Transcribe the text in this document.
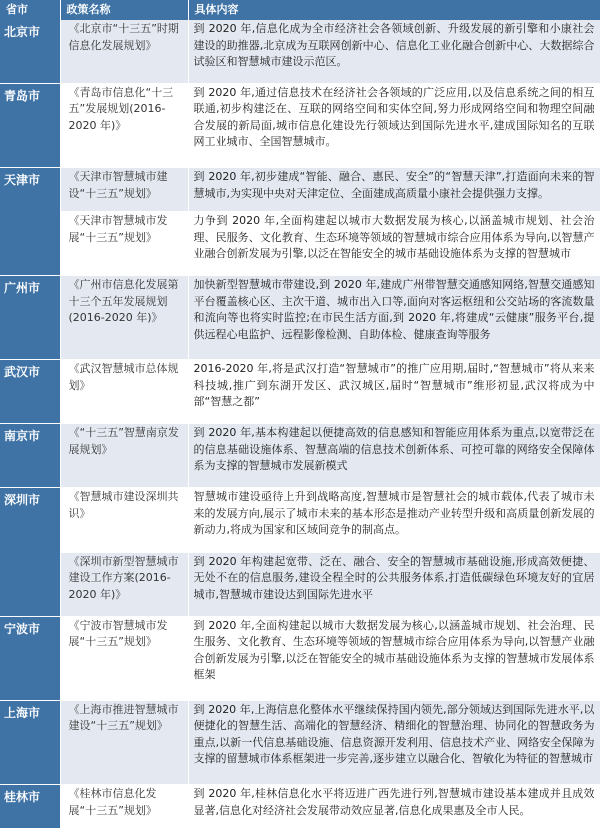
省市	政策名称	具体内容
北京市	《北京市“十三五”时期信息化发展规划》	到 2020 年,信息化成为全市经济社会各领域创新、升级发展的新引擎和小康社会建设的助推器,北京成为互联网创新中心、信息化工业化融合创新中心、大数据综合试验区和智慧城市建设示范区。
青岛市	《青岛市信息化“十三五”发展规划(2016-2020 年)》	到 2020 年,通过信息技术在经济社会各领域的广泛应用,以及信息系统之间的相互联通,初步构建泛在、互联的网络空间和实体空间,努力形成网络空间和物理空间融合发展的新局面,城市信息化建设先行领域达到国际先进水平,建成国际知名的互联网工业城市、全国智慧城市。
天津市	《天津市智慧城市建设“十三五”规划》	到 2020 年,初步建成“智能、融合、惠民、安全”的“智慧天津”,打造面向未来的智慧城市,为实现中央对天津定位、全面建成高质量小康社会提供强力支撑。
	《天津市智慧城市发展“十三五”规划》	力争到 2020 年,全面构建起以城市大数据发展为核心,以涵盖城市规划、社会治理、民服务、文化教育、生态环境等领域的智慧城市综合应用体系为导向,以智慧产业融合创新发展为引擎,以泛在智能安全的城市基础设施体系为支撑的智慧城市
广州市	《广州市信息化发展第十三个五年发展规划(2016-2020 年)》	加快新型智慧城市带建设,到 2020 年,建成广州带智慧交通感知网络,智慧交通感知平台覆盖核心区、主次干道、城市出入口等,面向对客运枢纽和公交站场的客流数量和流向等也将实时监控;在市民生活方面,到 2020 年,将建成“云健康”服务平台,提供远程心电监护、远程影像检测、自助体检、健康查询等服务
武汉市	《武汉智慧城市总体规划》	2016-2020 年,将是武汉打造“智慧城市”的推广应用期,届时,“智慧城市”将从来来科技城,推广到东湖开发区、武汉城区,届时“智慧城市”维形初显,武汉将成为中部“智慧之都”
南京市	《“十三五”智慧南京发展规划》	到 2020 年,基本构建起以便捷高效的信息感知和智能应用体系为重点,以宽带泛在的信息基础设施体系、智慧高端的信息技术创新体系、可控可靠的网络安全保障体系为支撑的智慧城市发展新模式
深圳市	《智慧城市建设深圳共识》	智慧城市建设亟待上升到战略高度,智慧城市是智慧社会的城市载体,代表了城市未来的发展方向,展示了城市未来的基本形态是推动产业转型升级和高质量创新发展的新动力,将成为国家和区域间竞争的制高点。
	《深圳市新型智慧城市建设工作方案(2016-2020 年)》	到 2020 年构建起宽带、泛在、融合、安全的智慧城市基础设施,形成高效便捷、无处不在的信息服务,建设全程全时的公共服务体系,打造低碳绿色环境友好的宜居城市,智慧城市建设达到国际先进水平
宁波市	《宁波市智慧城市发展“十三五”规划》	到 2020 年,全面构建起以城市大数据发展为核心,以涵盖城市规划、社会治理、民生服务、文化教育、生态环境等领域的智慧城市综合应用体系为导向,以智慧产业融合创新发展为引擎,以泛在智能安全的城市基础设施体系为支撑的智慧城市发展体系框架
上海市	《上海市推进智慧城市建设“十三五”规划》	到 2020 年,上海信息化整体水平继续保持国内领先,部分领域达到国际先进水平,以便捷化的智慧生活、高端化的智慧经济、精细化的智慧治理、协同化的智慧政务为重点,以新一代信息基础设施、信息资源开发利用、信息技术产业、网络安全保障为支撑的留慧城市体系框架进一步完善,逐步建立以融合化、智敏化为特征的智慧城市
桂林市	《桂林市信息化发展“十三五”规划》	到 2020 年,桂林信息化水平将迈进广西先进行列,智慧城市建设基本建成并且成效显著,信息化对经济社会发展带动效应显著,信息化成果惠及全市人民。
